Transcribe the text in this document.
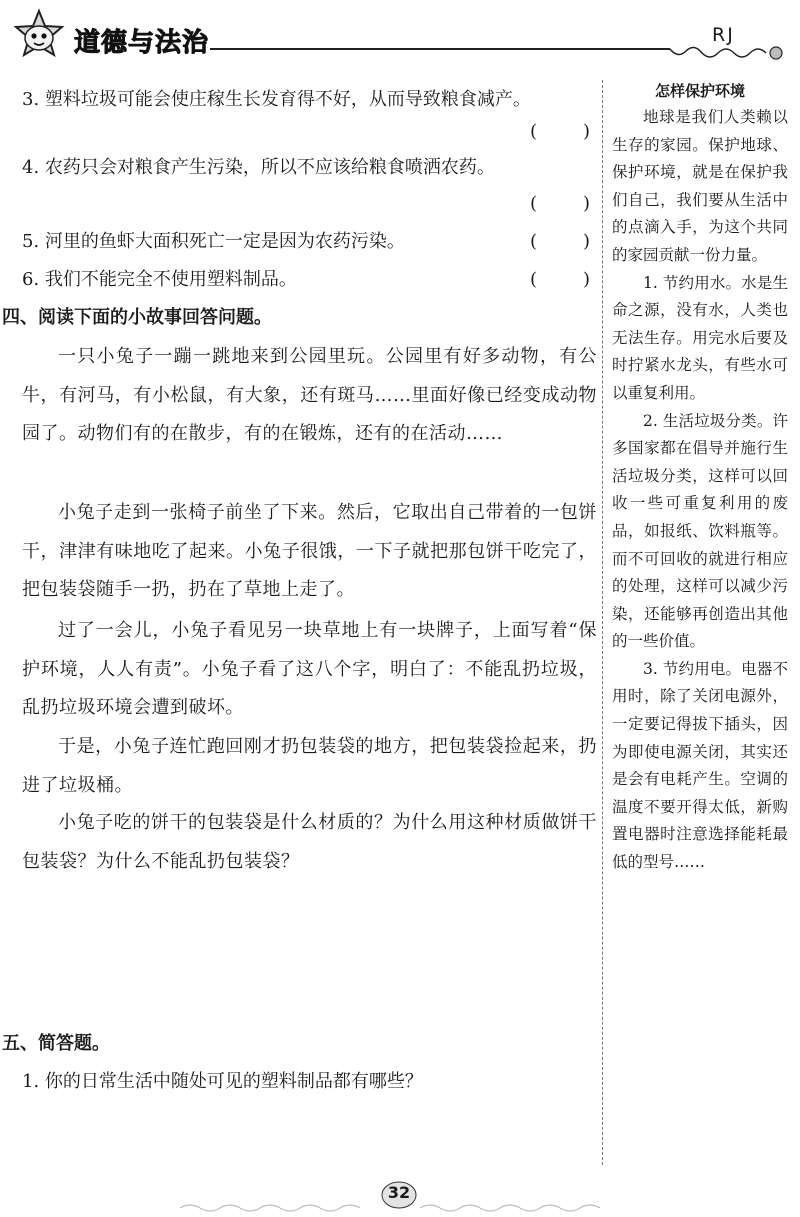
道德与法治	RJ
3. 塑料垃圾可能会使庄稼生长发育得不好，从而导致粮食减产。
(	)
4. 农药只会对粮食产生污染，所以不应该给粮食喷洒农药。
(	)
5. 河里的鱼虾大面积死亡一定是因为农药污染。	(	)
6. 我们不能完全不使用塑料制品。	(	)
四、阅读下面的小故事回答问题。
一只小兔子一蹦一跳地来到公园里玩。公园里有好多动物，有公牛，有河马，有小松鼠，有大象，还有斑马……里面好像已经变成动物园了。动物们有的在散步，有的在锻炼，还有的在活动……
小兔子走到一张椅子前坐了下来。然后，它取出自己带着的一包饼干，津津有味地吃了起来。小兔子很饿，一下子就把那包饼干吃完了，把包装袋随手一扔，扔在了草地上走了。
过了一会儿，小兔子看见另一块草地上有一块牌子，上面写着“保护环境，人人有责”。小兔子看了这八个字，明白了：不能乱扔垃圾，乱扔垃圾环境会遭到破坏。
于是，小兔子连忙跑回刚才扔包装袋的地方，把包装袋捡起来，扔进了垃圾桶。
小兔子吃的饼干的包装袋是什么材质的？为什么用这种材质做饼干包装袋？为什么不能乱扔包装袋？
五、简答题。
1. 你的日常生活中随处可见的塑料制品都有哪些？
怎样保护环境

地球是我们人类赖以生存的家园。保护地球、保护环境，就是在保护我们自己，我们要从生活中的点滴入手，为这个共同的家园贡献一份力量。

1. 节约用水。水是生命之源，没有水，人类也无法生存。用完水后要及时拧紧水龙头，有些水可以重复利用。

2. 生活垃圾分类。许多国家都在倡导并施行生活垃圾分类，这样可以回收一些可重复利用的废品，如报纸、饮料瓶等。而不可回收的就进行相应的处理，这样可以减少污染，还能够再创造出其他的一些价值。

3. 节约用电。电器不用时，除了关闭电源外，一定要记得拔下插头，因为即使电源关闭，其实还是会有电耗产生。空调的温度不要开得太低，新购置电器时注意选择能耗最低的型号……

32
